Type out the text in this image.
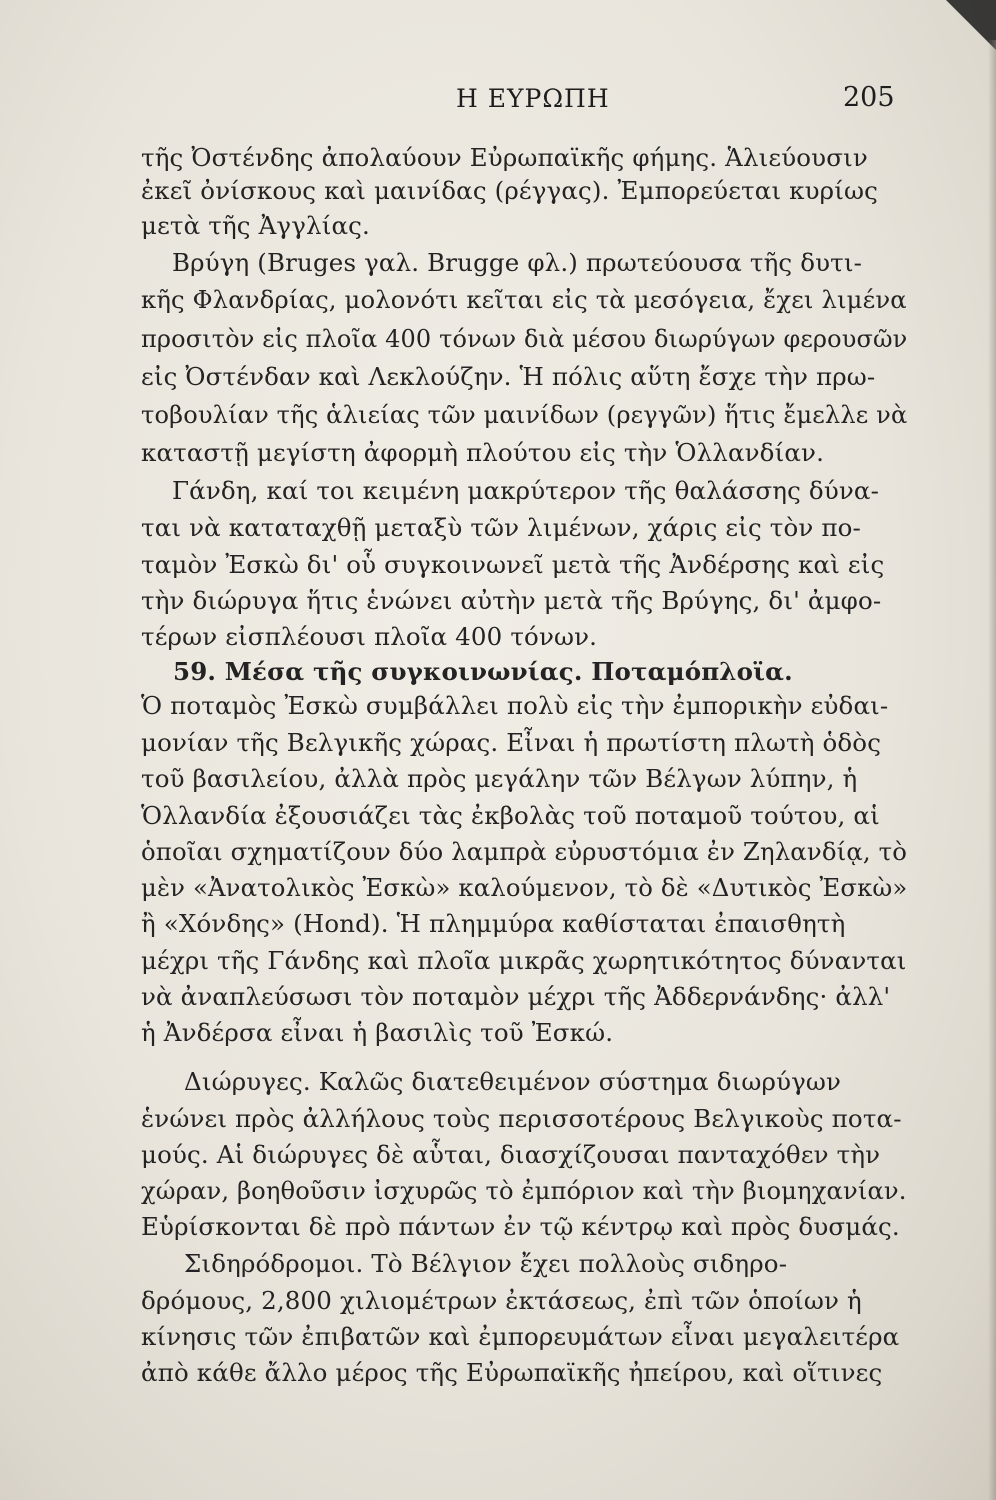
Η ΕΥΡΩΠΗ	205
τῆς Ὀστένδης ἀπολαύουν Εὐρωπαϊκῆς φήμης. Ἁλιεύουσιν
ἐκεῖ ὀνίσκους καὶ μαινίδας (ρέγγας). Ἐμπορεύεται κυρίως
μετὰ τῆς Ἀγγλίας.
Βρύγη (Bruges γαλ. Brugge φλ.) πρωτεύουσα τῆς δυτι-
κῆς Φλανδρίας, μολονότι κεῖται εἰς τὰ μεσόγεια, ἔχει λιμένα
προσιτὸν εἰς πλοῖα 400 τόνων διὰ μέσου διωρύγων φερουσῶν
εἰς Ὀστένδαν καὶ Λεκλούζην. Ἡ πόλις αὕτη ἔσχε τὴν πρω-
τοβουλίαν τῆς ἁλιείας τῶν μαινίδων (ρεγγῶν) ἥτις ἔμελλε νὰ
καταστῇ μεγίστη ἀφορμὴ πλούτου εἰς τὴν Ὁλλανδίαν.
Γάνδη, καί τοι κειμένη μακρύτερον τῆς θαλάσσης δύνα-
ται νὰ καταταχθῇ μεταξὺ τῶν λιμένων, χάρις εἰς τὸν πο-
ταμὸν Ἐσκὼ δι' οὗ συγκοινωνεῖ μετὰ τῆς Ἀνδέρσης καὶ εἰς
τὴν διώρυγα ἥτις ἑνώνει αὐτὴν μετὰ τῆς Βρύγης, δι' ἀμφο-
τέρων εἰσπλέουσι πλοῖα 400 τόνων.
59. Μέσα τῆς συγκοινωνίας. Ποταμόπλοϊα.
Ὁ ποταμὸς Ἐσκὼ συμβάλλει πολὺ εἰς τὴν ἐμπορικὴν εὐδαι-
μονίαν τῆς Βελγικῆς χώρας. Εἶναι ἡ πρωτίστη πλωτὴ ὁδὸς
τοῦ βασιλείου, ἀλλὰ πρὸς μεγάλην τῶν Βέλγων λύπην, ἡ
Ὁλλανδία ἐξουσιάζει τὰς ἐκβολὰς τοῦ ποταμοῦ τούτου, αἱ
ὁποῖαι σχηματίζουν δύο λαμπρὰ εὐρυστόμια ἐν Ζηλανδίᾳ, τὸ
μὲν «Ἀνατολικὸς Ἐσκὼ» καλούμενον, τὸ δὲ «Δυτικὸς Ἐσκὼ»
ἢ «Χόνδης» (Hond). Ἡ πλημμύρα καθίσταται ἐπαισθητὴ
μέχρι τῆς Γάνδης καὶ πλοῖα μικρᾶς χωρητικότητος δύνανται
νὰ ἀναπλεύσωσι τὸν ποταμὸν μέχρι τῆς Ἀδδερνάνδης· ἀλλ'
ἡ Ἀνδέρσα εἶναι ἡ βασιλὶς τοῦ Ἐσκώ.
Διώρυγες. Καλῶς διατεθειμένον σύστημα διωρύγων
ἑνώνει πρὸς ἀλλήλους τοὺς περισσοτέρους Βελγικοὺς ποτα-
μούς. Αἱ διώρυγες δὲ αὗται, διασχίζουσαι πανταχόθεν τὴν
χώραν, βοηθοῦσιν ἰσχυρῶς τὸ ἐμπόριον καὶ τὴν βιομηχανίαν.
Εὑρίσκονται δὲ πρὸ πάντων ἐν τῷ κέντρῳ καὶ πρὸς δυσμάς.
Σιδηρόδρομοι. Τὸ Βέλγιον ἔχει πολλοὺς σιδηρο-
δρόμους, 2,800 χιλιομέτρων ἐκτάσεως, ἐπὶ τῶν ὁποίων ἡ
κίνησις τῶν ἐπιβατῶν καὶ ἐμπορευμάτων εἶναι μεγαλειτέρα
ἀπὸ κάθε ἄλλο μέρος τῆς Εὐρωπαϊκῆς ἠπείρου, καὶ οἵτινες
